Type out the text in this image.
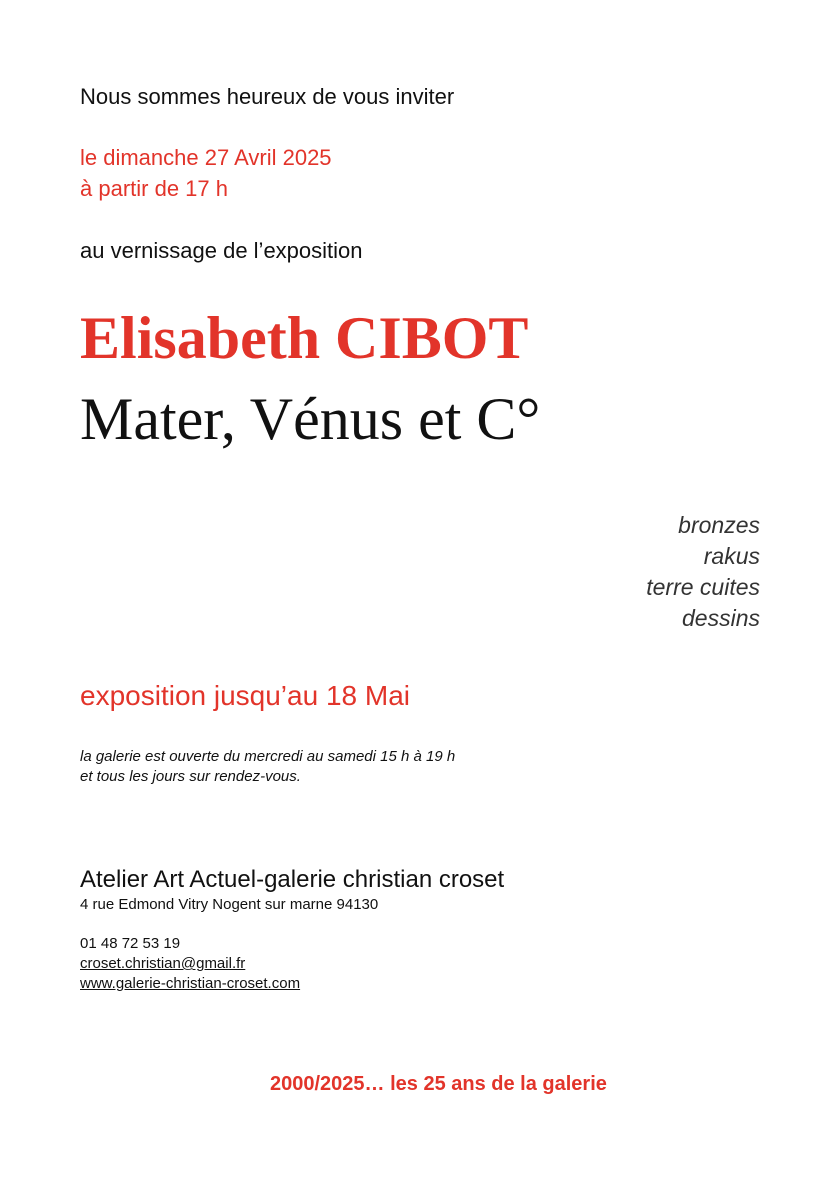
Nous sommes heureux de vous inviter
le dimanche 27 Avril 2025
à partir de 17 h
au vernissage de l’exposition
Elisabeth CIBOT
Mater, Vénus et C°
bronzes
rakus
terre cuites
dessins
exposition jusqu’au 18 Mai
la galerie est ouverte du mercredi au samedi 15 h à 19 h
et tous les jours sur rendez-vous.
Atelier Art Actuel-galerie christian croset
4 rue Edmond Vitry Nogent sur marne 94130
01 48 72 53 19
croset.christian@gmail.fr
www.galerie-christian-croset.com
2000/2025… les 25 ans de la galerie
